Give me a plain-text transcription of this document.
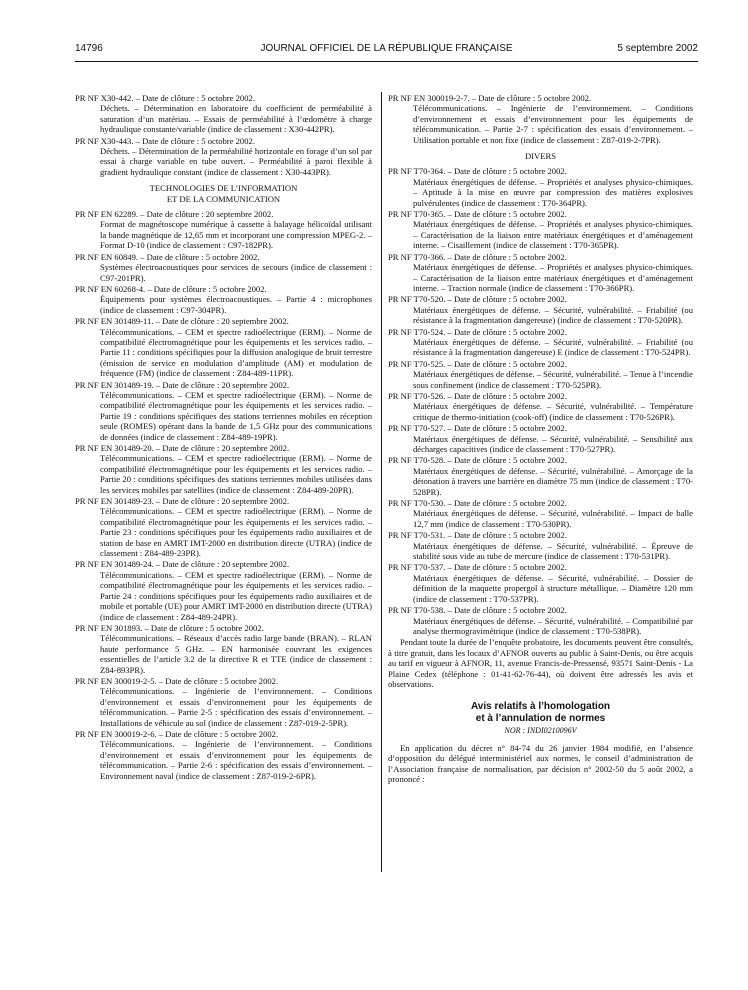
14796	JOURNAL OFFICIEL DE LA RÉPUBLIQUE FRANÇAISE	5 septembre 2002
PR NF X30-442. – Date de clôture : 5 octobre 2002.
Déchets. – Détermination en laboratoire du coefficient de perméabilité à saturation d’un matériau. – Essais de perméabilité à l’œdomètre à charge hydraulique constante/variable (indice de classement : X30-442PR).
PR NF X30-443. – Date de clôture : 5 octobre 2002.
Déchets. – Détermination de la perméabilité horizontale en forage d’un sol par essai à charge variable en tube ouvert. – Perméabilité à paroi flexible à gradient hydraulique constant (indice de classement : X30-443PR).
TECHNOLOGIES DE L’INFORMATION
ET DE LA COMMUNICATION
PR NF EN 62289. – Date de clôture : 20 septembre 2002.
Format de magnétoscope numérique à cassette à balayage hélicoïdal utilisant la bande magnétique de 12,65 mm et incorporant une compression MPEG-2. – Format D-10 (indice de classement : C97-182PR).
PR NF EN 60849. – Date de clôture : 5 octobre 2002.
Systèmes électroacoustiques pour services de secours (indice de classement : C97-201PR).
PR NF EN 60268-4. – Date de clôture : 5 octobre 2002.
Équipements pour systèmes électroacoustiques. – Partie 4 : microphones (indice de classement : C97-304PR).
PR NF EN 301489-11. – Date de clôture : 20 septembre 2002.
Télécommunications. – CEM et spectre radioélectrique (ERM). – Norme de compatibilité électromagnétique pour les équipements et les services radio. – Partie 11 : conditions spécifiques pour la diffusion analogique de bruit terrestre (émission de service en modulation d’amplitude (AM) et modulation de fréquence (FM) (indice de classement : Z84-489-11PR).
PR NF EN 301489-19. – Date de clôture : 20 septembre 2002.
Télécommunications. – CEM et spectre radioélectrique (ERM). – Norme de compatibilité électromagnétique pour les équipements et les services radio. – Partie 19 : conditions spécifiques des stations terriennes mobiles en réception seule (ROMES) opérant dans la bande de 1,5 GHz pour des communications de données (indice de classement : Z84-489-19PR).
PR NF EN 301489-20. – Date de clôture : 20 septembre 2002.
Télécommunications. – CEM et spectre radioélectrique (ERM). – Norme de compatibilité électromagnétique pour les équipements et les services radio. – Partie 20 : conditions spécifiques des stations terriennes mobiles utilisées dans les services mobiles par satellites (indice de classement : Z84-489-20PR).
PR NF EN 301489-23. – Date de clôture : 20 septembre 2002.
Télécommunications. – CEM et spectre radioélectrique (ERM). – Norme de compatibilité électromagnétique pour les équipements et les services radio. – Partie 23 : conditions spécifiques pour les équipements radio auxiliaires et de station de base en AMRT IMT-2000 en distribution directe (UTRA) (indice de classement : Z84-489-23PR).
PR NF EN 301489-24. – Date de clôture : 20 septembre 2002.
Télécommunications. – CEM et spectre radioélectrique (ERM). – Norme de compatibilité électromagnétique pour les équipements et les services radio. – Partie 24 : conditions spécifiques pour les équipements radio auxiliaires et de mobile et portable (UE) pour AMRT IMT-2000 en distribution directe (UTRA) (indice de classement : Z84-489-24PR).
PR NF EN 301893. – Date de clôture : 5 octobre 2002.
Télécommunications. – Réseaux d’accès radio large bande (BRAN). – RLAN haute performance 5 GHz. – EN harmonisée couvrant les exigences essentielles de l’article 3.2 de la directive R et TTE (indice de classement : Z84-893PR).
PR NF EN 300019-2-5. – Date de clôture : 5 octobre 2002.
Télécommunications. – Ingénierie de l’environnement. – Conditions d’environnement et essais d’environnement pour les équipements de télécommunication. – Partie 2-5 : spécification des essais d’environnement. – Installations de véhicule au sol (indice de classement : Z87-019-2-5PR).
PR NF EN 300019-2-6. – Date de clôture : 5 octobre 2002.
Télécommunications. – Ingénierie de l’environnement. – Conditions d’environnement et essais d’environnement pour les équipements de télécommunication. – Partie 2-6 : spécification des essais d’environnement. – Environnement naval (indice de classement : Z87-019-2-6PR).
PR NF EN 300019-2-7. – Date de clôture : 5 octobre 2002.
Télécommunications. – Ingénierie de l’environnement. – Conditions d’environnement et essais d’environnement pour les équipements de télécommunication. – Partie 2-7 : spécification des essais d’environnement. – Utilisation portable et non fixe (indice de classement : Z87-019-2-7PR).
DIVERS
PR NF T70-364. – Date de clôture : 5 octobre 2002.
Matériaux énergétiques de défense. – Propriétés et analyses physico-chimiques. – Aptitude à la mise en œuvre par compression des matières explosives pulvérulentes (indice de classement : T70-364PR).
PR NF T70-365. – Date de clôture : 5 octobre 2002.
Matériaux énergétiques de défense. – Propriétés et analyses physico-chimiques. – Caractérisation de la liaison entre matériaux énergétiques et d’aménagement interne. – Cisaillement (indice de classement : T70-365PR).
PR NF T70-366. – Date de clôture : 5 octobre 2002.
Matériaux énergétiques de défense. – Propriétés et analyses physico-chimiques. – Caractérisation de la liaison entre matériaux énergétiques et d’aménagement interne. – Traction normale (indice de classement : T70-366PR).
PR NF T70-520. – Date de clôture : 5 octobre 2002.
Matériaux énergétiques de défense. – Sécurité, vulnérabilité. – Friabilité (ou résistance à la fragmentation dangereuse) (indice de classement : T70-520PR).
PR NF T70-524. – Date de clôture : 5 octobre 2002.
Matériaux énergétiques de défense. – Sécurité, vulnérabilité. – Friabilité (ou résistance à la fragmentation dangereuse) E (indice de classement : T70-524PR).
PR NF T70-525. – Date de clôture : 5 octobre 2002.
Matériaux énergétiques de défense. – Sécurité, vulnérabilité. – Tenue à l’incendie sous confinement (indice de classement : T70-525PR).
PR NF T70-526. – Date de clôture : 5 octobre 2002.
Matériaux énergétiques de défense. – Sécurité, vulnérabilité. – Température critique de thermo-initiation (cook-off) (indice de classement : T70-526PR).
PR NF T70-527. – Date de clôture : 5 octobre 2002.
Matériaux énergétiques de défense. – Sécurité, vulnérabilité. – Sensibilité aux décharges capacitives (indice de classement : T70-527PR).
PR NF T70-528. – Date de clôture : 5 octobre 2002.
Matériaux énergétiques de défense. – Sécurité, vulnérabilité. – Amorçage de la détonation à travers une barrière en diamètre 75 mm (indice de classement : T70-528PR).
PR NF T70-530. – Date de clôture : 5 octobre 2002.
Matériaux énergétiques de défense. – Sécurité, vulnérabilité. – Impact de balle 12,7 mm (indice de classement : T70-530PR).
PR NF T70-531. – Date de clôture : 5 octobre 2002.
Matériaux énergétiques de défense. – Sécurité, vulnérabilité. – Épreuve de stabilité sous vide au tube de mercure (indice de classement : T70-531PR).
PR NF T70-537. – Date de clôture : 5 octobre 2002.
Matériaux énergétiques de défense. – Sécurité, vulnérabilité. – Dossier de définition de la maquette propergol à structure métallique. – Diamètre 120 mm (indice de classement : T70-537PR).
PR NF T70-538. – Date de clôture : 5 octobre 2002.
Matériaux énergétiques de défense. – Sécurité, vulnérabilité. – Compatibilité par analyse thermogravimétrique (indice de classement : T70-538PR).
Pendant toute la durée de l’enquête probatoire, les documents peuvent être consultés, à titre gratuit, dans les locaux d’AFNOR ouverts au public à Saint-Denis, ou être acquis au tarif en vigueur à AFNOR, 11, avenue Francis-de-Pressensé, 93571 Saint-Denis - La Plaine Cedex (téléphone : 01-41-62-76-44), où doivent être adressés les avis et observations.
Avis relatifs à l’homologation
et à l’annulation de normes
NOR : INDI0210096V
En application du décret n° 84-74 du 26 janvier 1984 modifié, en l’absence d’opposition du délégué interministériel aux normes, le conseil d’administration de l’Association française de normalisation, par décision n° 2002-50 du 5 août 2002, a prononcé :
